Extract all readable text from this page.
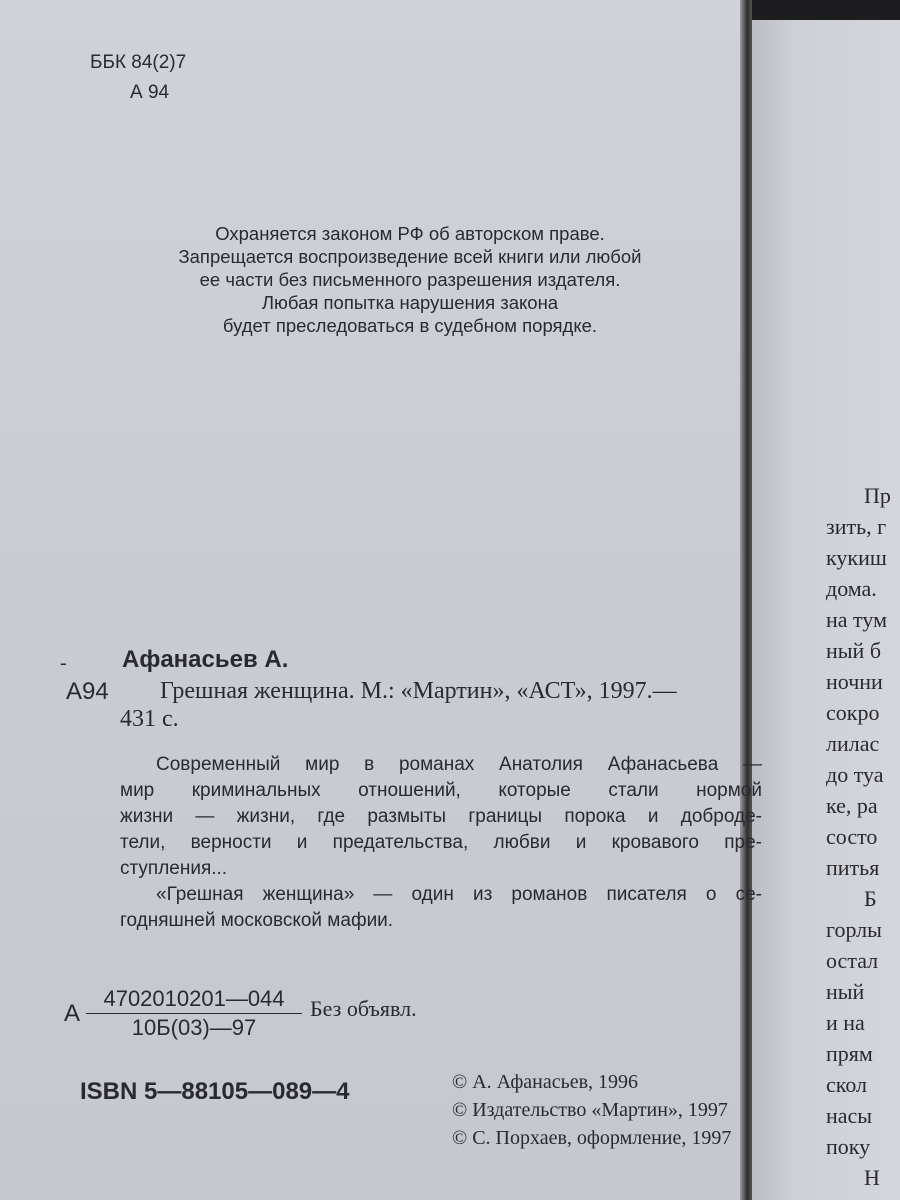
Пр
зить, г
кукиш
дома.
на тум
ный б
ночни
сокро
лилас
до туа
ке, ра
состо
питья
Б
горлы
остал
ный
и на
прям
скол
насы
поку
Н
ББК 84(2)7
А 94
Охраняется законом РФ об авторском праве.
Запрещается воспроизведение всей книги или любой
ее части без письменного разрешения издателя.
Любая попытка нарушения закона
будет преследоваться в судебном порядке.
- Афанасьев А.
А94 Грешная женщина. М.: «Мартин», «АСТ», 1997.—
431 с.
Современный мир в романах Анатолия Афанасьева —
мир криминальных отношений, которые стали нормой
жизни — жизни, где размыты границы порока и доброде-
тели, верности и предательства, любви и кровавого пре-
ступления...
«Грешная женщина» — один из романов писателя о се-
годняшней московской мафии.
А
4702010201—044
10Б(03)—97
Без объявл.
ISBN 5—88105—089—4	© А. Афанасьев, 1996
© Издательство «Мартин», 1997
© С. Порхаев, оформление, 1997
